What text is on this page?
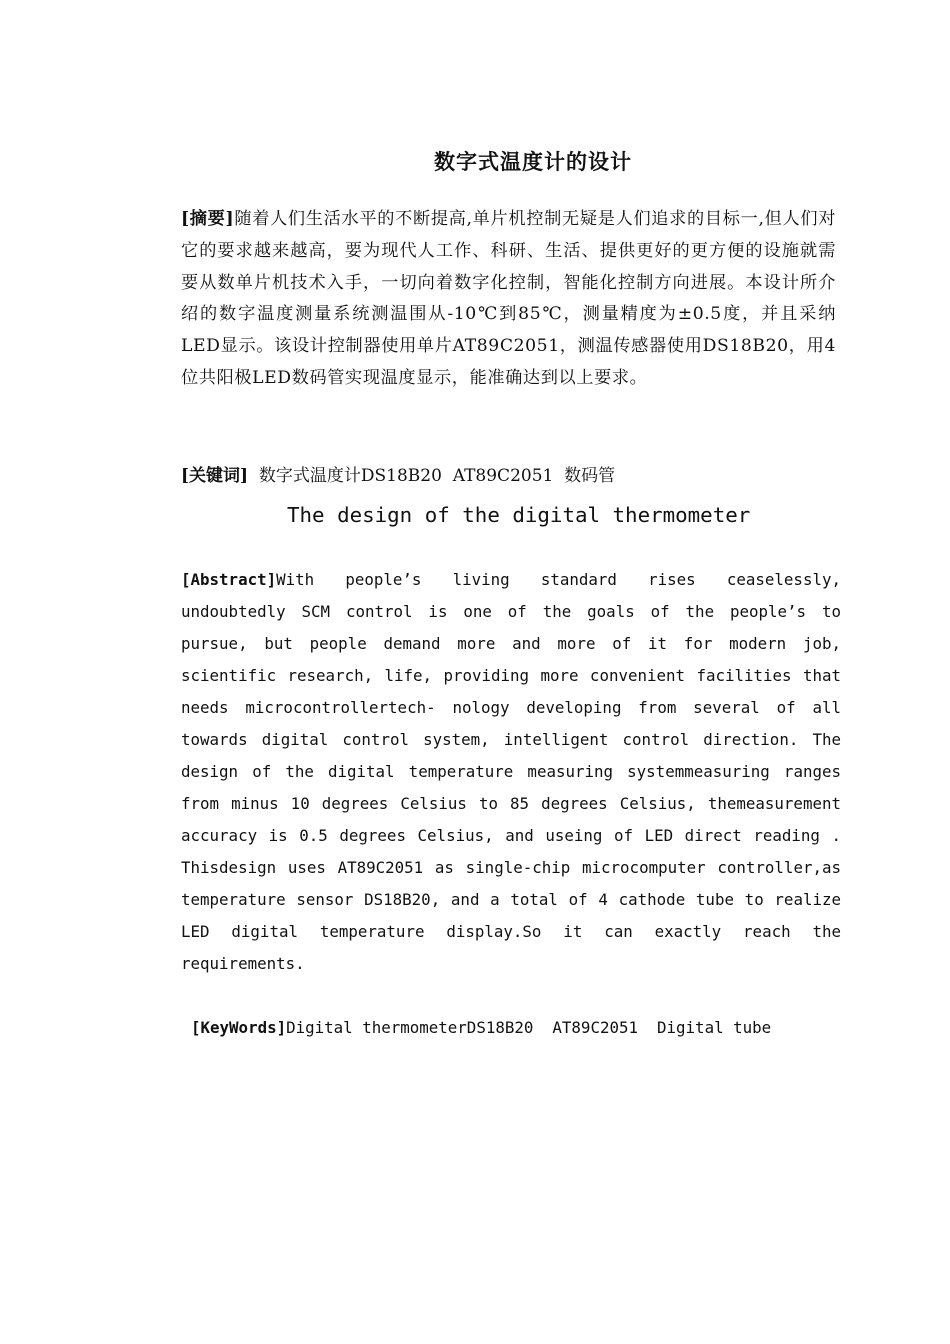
数字式温度计的设计

[摘要]随着人们生活水平的不断提高,单片机控制无疑是人们追求的目标一,但人们对它的要求越来越高，要为现代人工作、科研、生活、提供更好的更方便的设施就需要从数单片机技术入手，一切向着数字化控制，智能化控制方向进展。本设计所介绍的数字温度测量系统测温围从-10℃到85℃，测量精度为±0.5度，并且采纳LED显示。该设计控制器使用单片AT89C2051，测温传感器使用DS18B20，用4位共阳极LED数码管实现温度显示，能准确达到以上要求。

[关键词]  数字式温度计DS18B20  AT89C2051  数码管

The design of the digital thermometer

[Abstract]With people’s living standard rises ceaselessly, undoubtedly SCM control is one of the goals of the people’s to pursue, but people demand more and more of it for modern job, scientific research, life, providing more convenient facilities that needs microcontrollertech- nology developing from several of all towards digital control system, intelligent control direction. The design of the digital temperature measuring systemmeasuring ranges from minus 10 degrees Celsius to 85 degrees Celsius, themeasurement accuracy is 0.5 degrees Celsius, and useing of LED direct reading . Thisdesign uses AT89C2051 as single-chip microcomputer controller,as temperature sensor DS18B20, and a total of 4 cathode tube to realize LED digital temperature display.So it can exactly reach the requirements.

[KeyWords]Digital thermometerDS18B20  AT89C2051  Digital tube
